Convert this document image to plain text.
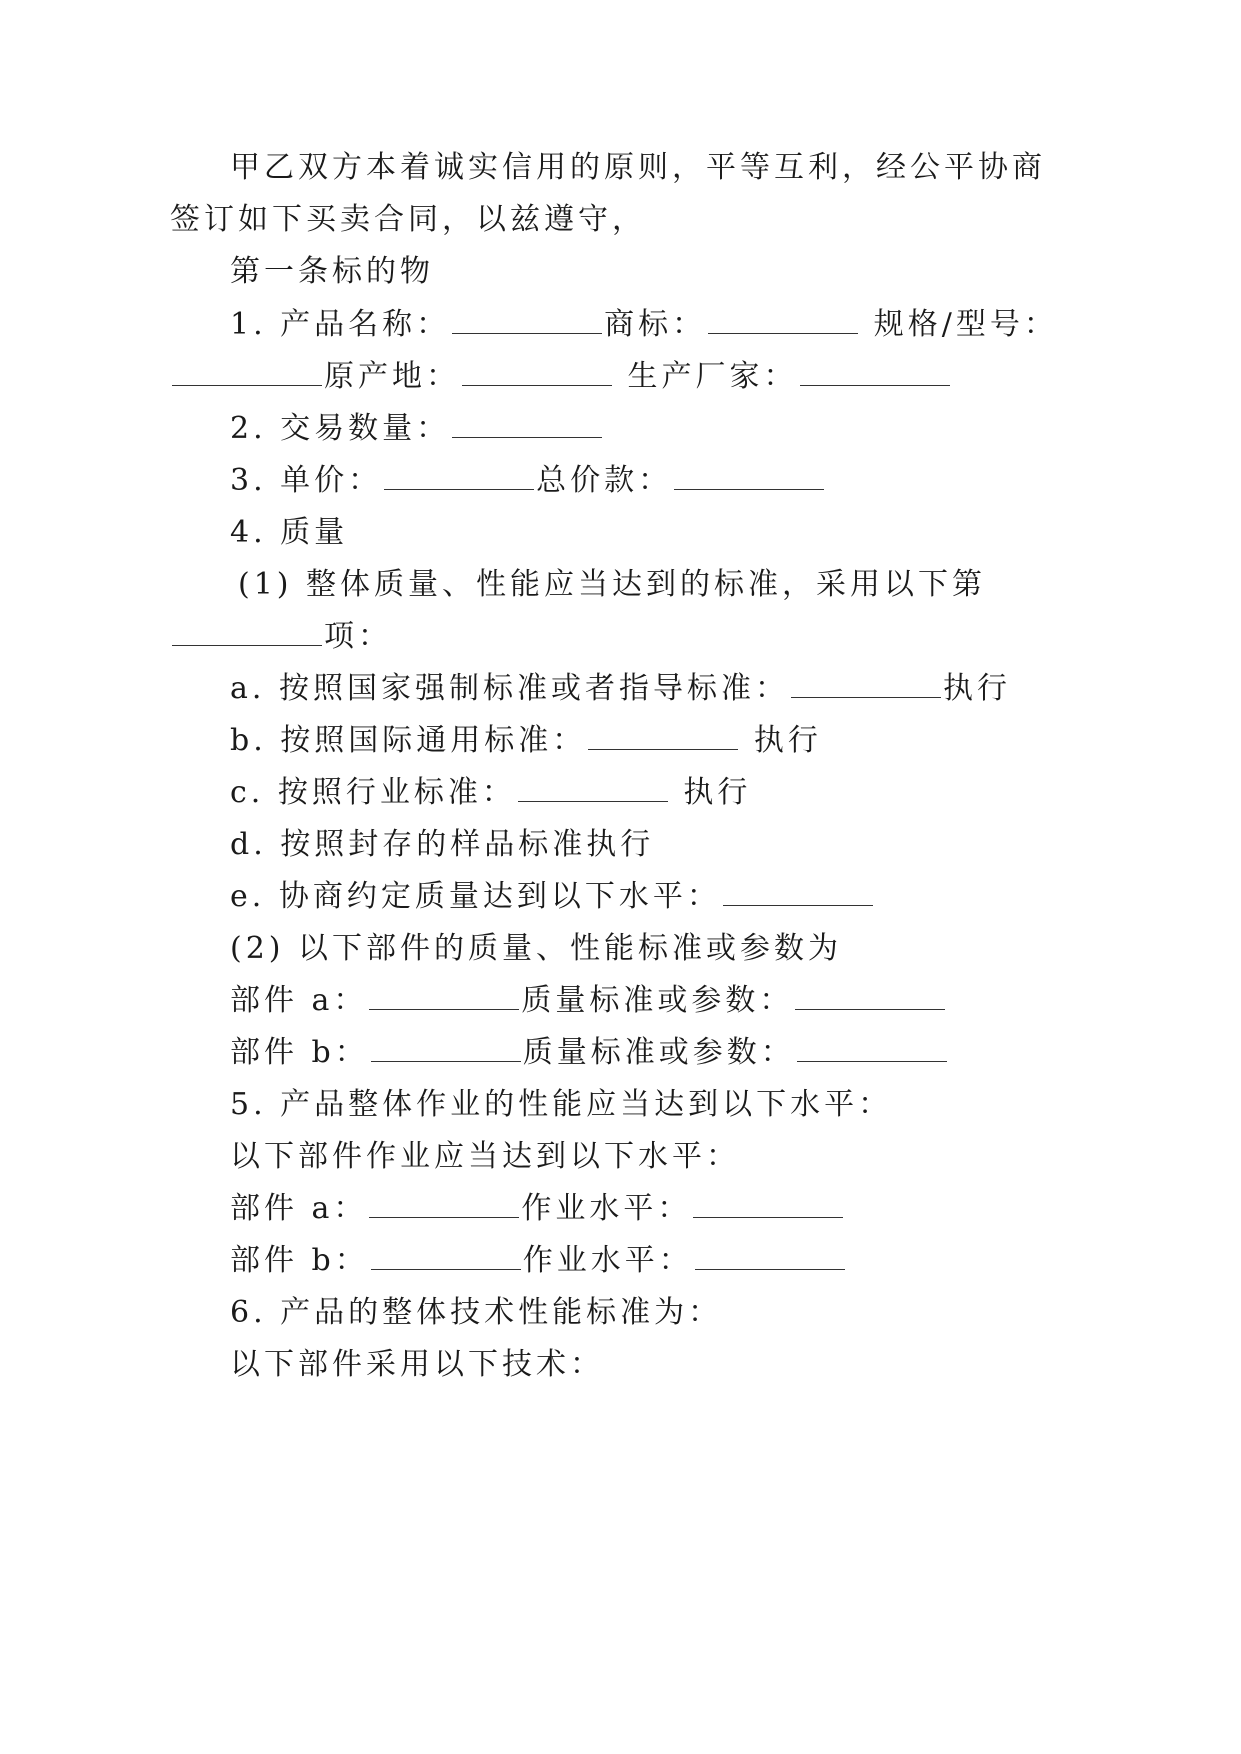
甲乙双方本着诚实信用的原则，平等互利，经公平协商
签订如下买卖合同，以兹遵守，
第一条标的物
1. 产品名称：	商标：	规格/型号：
原产地：	生产厂家：
2. 交易数量：
3. 单价：	总价款：
4. 质量
(1) 整体质量、性能应当达到的标准，采用以下第
项：
a. 按照国家强制标准或者指导标准：	执行
b. 按照国际通用标准：	执行
c. 按照行业标准：	执行
d. 按照封存的样品标准执行
e. 协商约定质量达到以下水平：
(2) 以下部件的质量、性能标准或参数为
部件 a：	质量标准或参数：
部件 b：	质量标准或参数：
5. 产品整体作业的性能应当达到以下水平：
以下部件作业应当达到以下水平：
部件 a：	作业水平：
部件 b：	作业水平：
6. 产品的整体技术性能标准为：
以下部件采用以下技术：
